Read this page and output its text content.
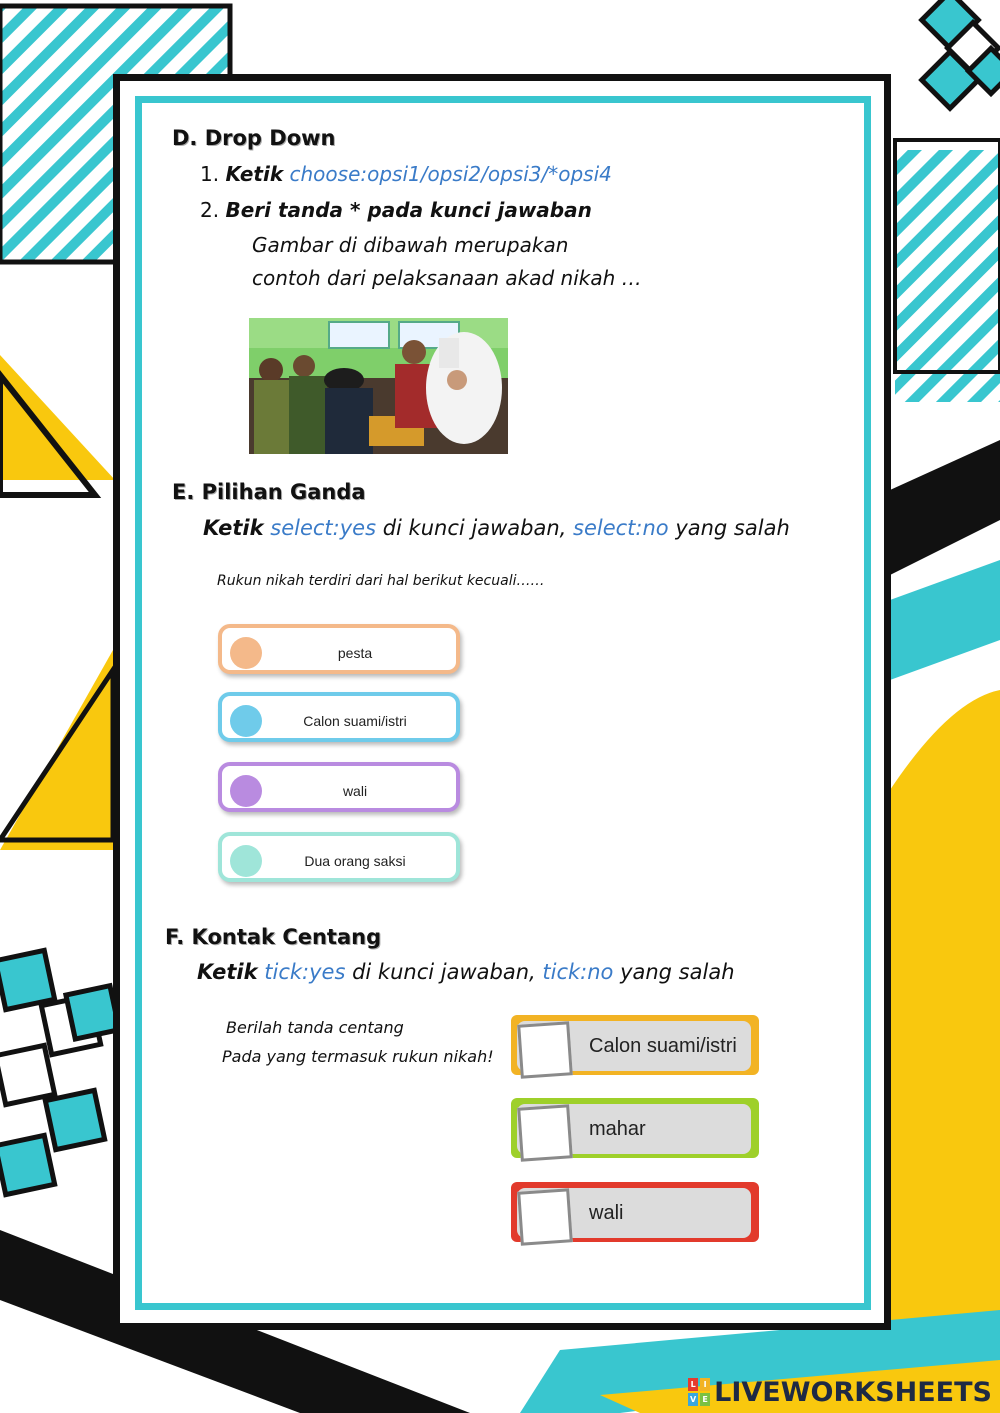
D. Drop Down
1. Ketik choose:opsi1/opsi2/opsi3/*opsi4
2. Beri tanda * pada kunci jawaban
Gambar di dibawah merupakan
contoh dari pelaksanaan akad nikah …
E. Pilihan Ganda
Ketik select:yes di kunci jawaban, select:no yang salah
Rukun nikah terdiri dari hal berikut kecuali……
pesta
Calon suami/istri
wali
Dua orang saksi
F. Kontak Centang
Ketik tick:yes di kunci jawaban, tick:no yang salah
Berilah tanda centang
Pada yang termasuk rukun nikah!	Calon suami/istri
mahar
wali
L I
V E LIVEWORKSHEETS
